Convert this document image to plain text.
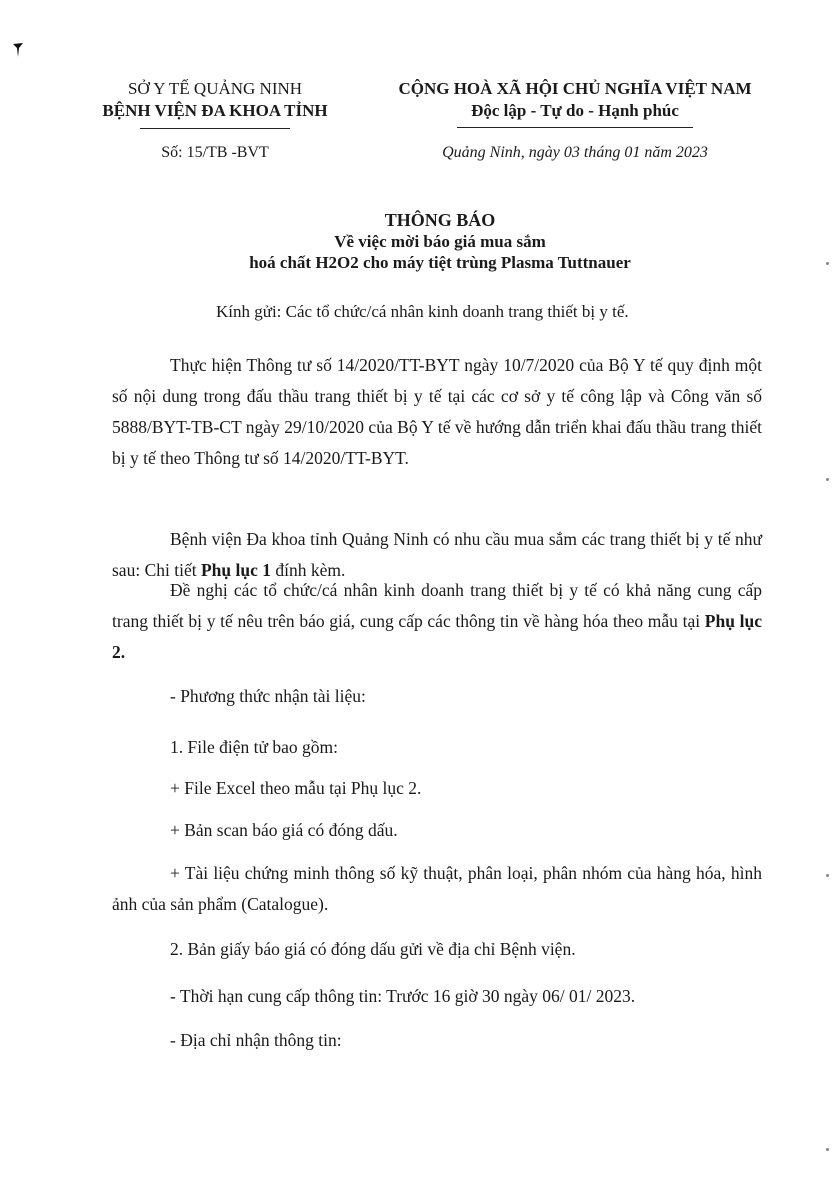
SỞ Y TẾ QUẢNG NINH
BỆNH VIỆN ĐA KHOA TỈNH
CỘNG HOÀ XÃ HỘI CHỦ NGHĨA VIỆT NAM
Độc lập - Tự do - Hạnh phúc
Số: 15/TB -BVT	Quảng Ninh, ngày 03 tháng 01 năm 2023
THÔNG BÁO
Về việc mời báo giá mua sắm
hoá chất H2O2 cho máy tiệt trùng Plasma Tuttnauer
Kính gửi: Các tổ chức/cá nhân kinh doanh trang thiết bị y tế.

Thực hiện Thông tư số 14/2020/TT-BYT ngày 10/7/2020 của Bộ Y tế quy định một số nội dung trong đấu thầu trang thiết bị y tế tại các cơ sở y tế công lập và Công văn số 5888/BYT-TB-CT ngày 29/10/2020 của Bộ Y tế về hướng dẫn triển khai đấu thầu trang thiết bị y tế theo Thông tư số 14/2020/TT-BYT.

Bệnh viện Đa khoa tỉnh Quảng Ninh có nhu cầu mua sắm các trang thiết bị y tế như sau: Chi tiết Phụ lục 1 đính kèm.

Đề nghị các tổ chức/cá nhân kinh doanh trang thiết bị y tế có khả năng cung cấp trang thiết bị y tế nêu trên báo giá, cung cấp các thông tin về hàng hóa theo mẫu tại Phụ lục 2.

- Phương thức nhận tài liệu:
1. File điện tử bao gồm:
+ File Excel theo mẫu tại Phụ lục 2.
+ Bản scan báo giá có đóng dấu.

+ Tài liệu chứng minh thông số kỹ thuật, phân loại, phân nhóm của hàng hóa, hình ảnh của sản phẩm (Catalogue).

2. Bản giấy báo giá có đóng dấu gửi về địa chỉ Bệnh viện.
- Thời hạn cung cấp thông tin: Trước 16 giờ 30 ngày 06/ 01/ 2023.
- Địa chỉ nhận thông tin:
